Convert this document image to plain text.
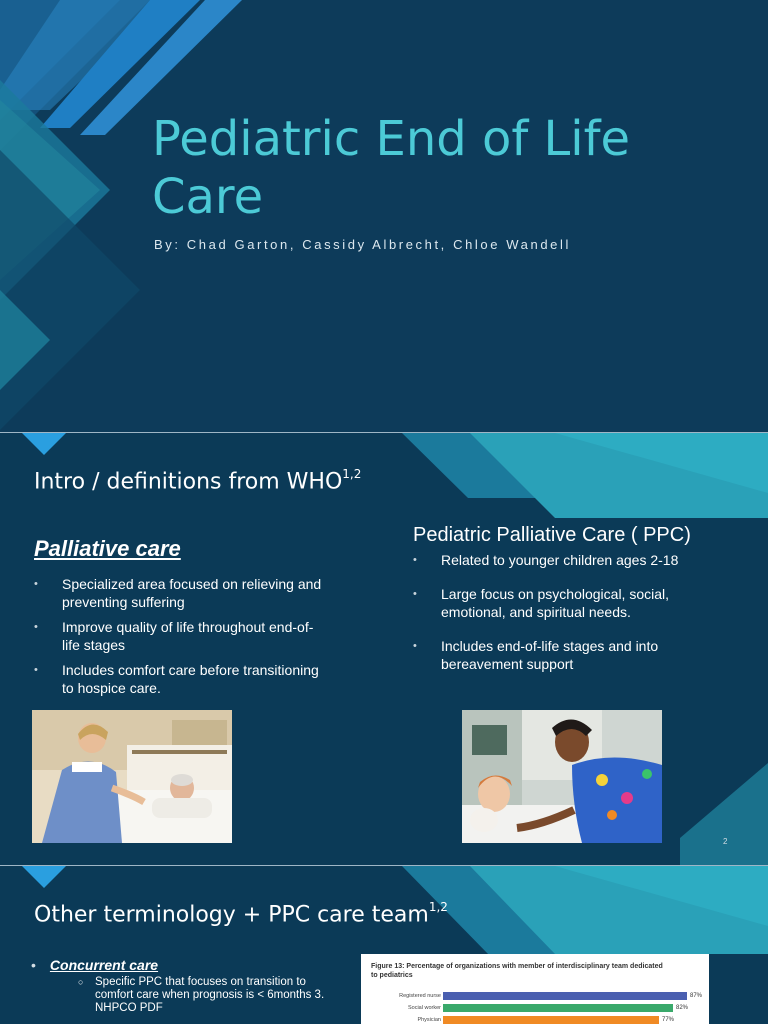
Pediatric End of Life Care
By: Chad Garton, Cassidy Albrecht, Chloe Wandell
Intro / definitions from WHO$^{1,2}$
Palliative care
• Specialized area focused on relieving and preventing suffering
• Improve quality of life throughout end-of-life stages
• Includes comfort care before transitioning to hospice care.
Pediatric Palliative Care ( PPC)
• Related to younger children ages 2-18
• Large focus on psychological, social, emotional, and spiritual needs.
• Includes end-of-life stages and into bereavement support
2
Other terminology + PPC care team$^{1,2}$
• Concurrent care
○	Specific PPC that focuses on transition to comfort care when prognosis is < 6months 3. NHPCO PDF
Figure 13: Percentage of organizations with member of interdisciplinary team dedicated to pediatrics
Registered nurse	87%
Social worker	82%
Physician	77%
